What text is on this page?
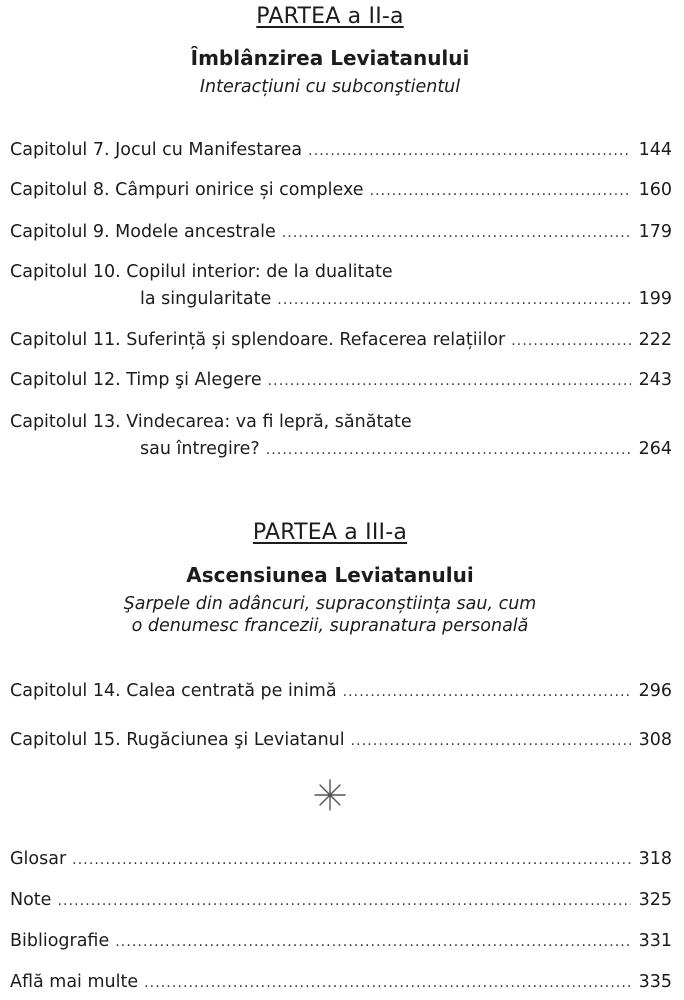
PARTEA a II-a
Îmblânzirea Leviatanului
Interacțiuni cu subconştientul
Capitolul 7. Jocul cu Manifestarea .....	144
Capitolul 8. Câmpuri onirice și complexe .....	160
Capitolul 9. Modele ancestrale .....	179
Capitolul 10. Copilul interior: de la dualitate
la singularitate .....	199
Capitolul 11. Suferință și splendoare. Refacerea relațiilor .....	222
Capitolul 12. Timp şi Alegere .....	243
Capitolul 13. Vindecarea: va fi lepră, sănătate
sau întregire? .....	264
PARTEA a III-a
Ascensiunea Leviatanului
Şarpele din adâncuri, supraconștiința sau, cum
o denumesc francezii, supranatura personală
Capitolul 14. Calea centrată pe inimă .....	296
Capitolul 15. Rugăciunea şi Leviatanul .....	308
Glosar .....	318
Note .....	325
Bibliografie .....	331
Află mai multe .....	335
